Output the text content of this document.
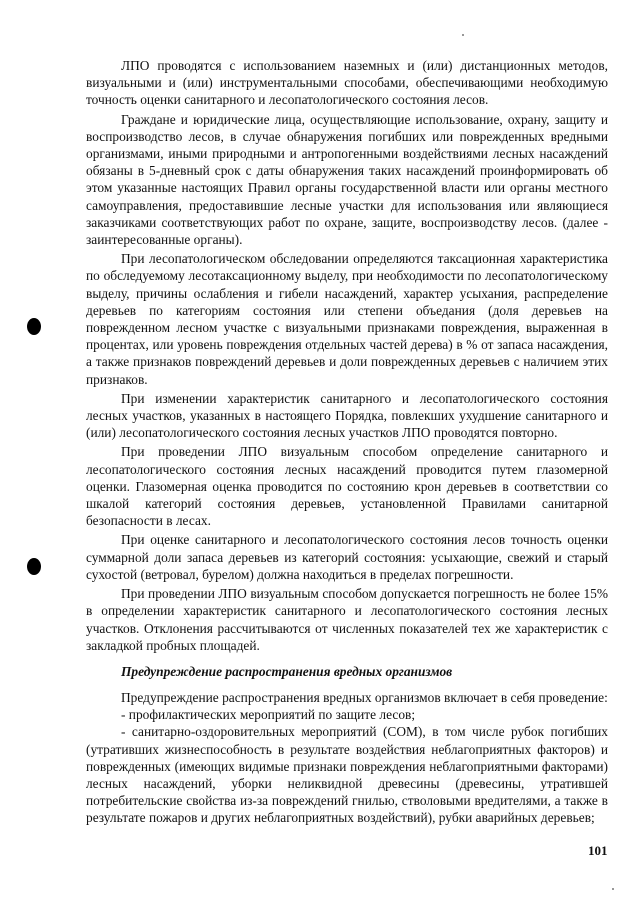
ЛПО проводятся с использованием наземных и (или) дистанционных методов, визуальными и (или) инструментальными способами, обеспечивающими необходимую точность оценки санитарного и лесопатологического состояния лесов.

Граждане и юридические лица, осуществляющие использование, охрану, защиту и воспроизводство лесов, в случае обнаружения погибших или поврежденных вредными организмами, иными природными и антропогенными воздействиями лесных насаждений обязаны в 5-дневный срок с даты обнаружения таких насаждений проинформировать об этом указанные настоящих Правил органы государственной власти или органы местного самоуправления, предоставившие лесные участки для использования или являющиеся заказчиками соответствующих работ по охране, защите, воспроизводству лесов. (далее - заинтересованные органы).

При лесопатологическом обследовании определяются таксационная характеристика по обследуемому лесотаксационному выделу, при необходимости по лесопатологическому выделу, причины ослабления и гибели насаждений, характер усыхания, распределение деревьев по категориям состояния или степени объедания (доля деревьев на поврежденном лесном участке с визуальными признаками повреждения, выраженная в процентах, или уровень повреждения отдельных частей дерева) в % от запаса насаждения, а также признаков повреждений деревьев и доли поврежденных деревьев с наличием этих признаков.

При изменении характеристик санитарного и лесопатологического состояния лесных участков, указанных в настоящего Порядка, повлекших ухудшение санитарного и (или) лесопатологического состояния лесных участков ЛПО проводятся повторно.

При проведении ЛПО визуальным способом определение санитарного и лесопатологического состояния лесных насаждений проводится путем глазомерной оценки. Глазомерная оценка проводится по состоянию крон деревьев в соответствии со шкалой категорий состояния деревьев, установленной Правилами санитарной безопасности в лесах.

При оценке санитарного и лесопатологического состояния лесов точность оценки суммарной доли запаса деревьев из категорий состояния: усыхающие, свежий и старый сухостой (ветровал, бурелом) должна находиться в пределах погрешности.

При проведении ЛПО визуальным способом допускается погрешность не более 15% в определении характеристик санитарного и лесопатологического состояния лесных участков. Отклонения рассчитываются от численных показателей тех же характеристик с закладкой пробных площадей.

Предупреждение распространения вредных организмов

Предупреждение распространения вредных организмов включает в себя проведение:

- профилактических мероприятий по защите лесов;

- санитарно-оздоровительных мероприятий (СОМ), в том числе рубок погибших (утративших жизнеспособность в результате воздействия неблагоприятных факторов) и поврежденных (имеющих видимые признаки повреждения неблагоприятными факторами) лесных насаждений, уборки неликвидной древесины (древесины, утратившей потребительские свойства из-за повреждений гнилью, стволовыми вредителями, а также в результате пожаров и других неблагоприятных воздействий), рубки аварийных деревьев;

101
